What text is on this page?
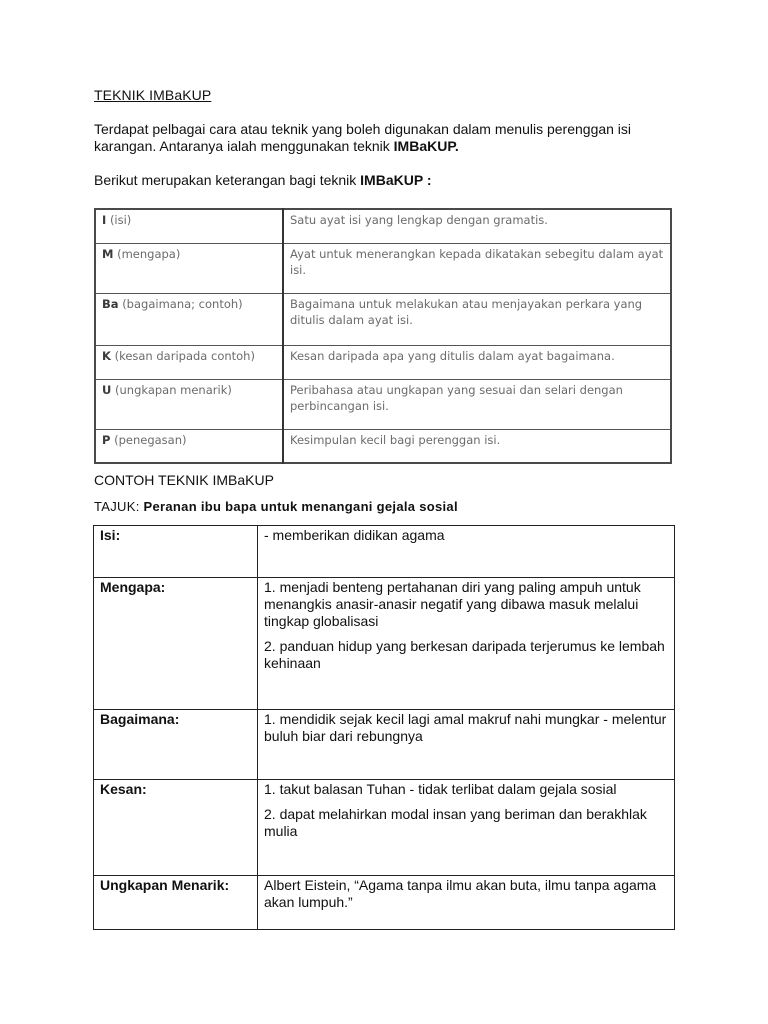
TEKNIK IMBaKUP
Terdapat pelbagai cara atau teknik yang boleh digunakan dalam menulis perenggan isi karangan. Antaranya ialah menggunakan teknik IMBaKUP.
Berikut merupakan keterangan bagi teknik IMBaKUP :
I (isi)	Satu ayat isi yang lengkap dengan gramatis.
M (mengapa)	Ayat untuk menerangkan kepada dikatakan sebegitu dalam ayat isi.
Ba (bagaimana; contoh)	Bagaimana untuk melakukan atau menjayakan perkara yang ditulis dalam ayat isi.
K (kesan daripada contoh)	Kesan daripada apa yang ditulis dalam ayat bagaimana.
U (ungkapan menarik)	Peribahasa atau ungkapan yang sesuai dan selari dengan perbincangan isi.
P (penegasan)	Kesimpulan kecil bagi perenggan isi.
CONTOH TEKNIK IMBaKUP
TAJUK: Peranan ibu bapa untuk menangani gejala sosial
Isi:	- memberikan didikan agama

Mengapa:	1. menjadi benteng pertahanan diri yang paling ampuh untuk menangkis anasir-anasir negatif yang dibawa masuk melalui tingkap globalisasi

2. panduan hidup yang berkesan daripada terjerumus ke lembah kehinaan

Bagaimana:	1. mendidik sejak kecil lagi amal makruf nahi mungkar - melentur buluh biar dari rebungnya

Kesan:	1. takut balasan Tuhan - tidak terlibat dalam gejala sosial

2. dapat melahirkan modal insan yang beriman dan berakhlak mulia

Ungkapan Menarik:	Albert Eistein, “Agama tanpa ilmu akan buta, ilmu tanpa agama akan lumpuh.”
